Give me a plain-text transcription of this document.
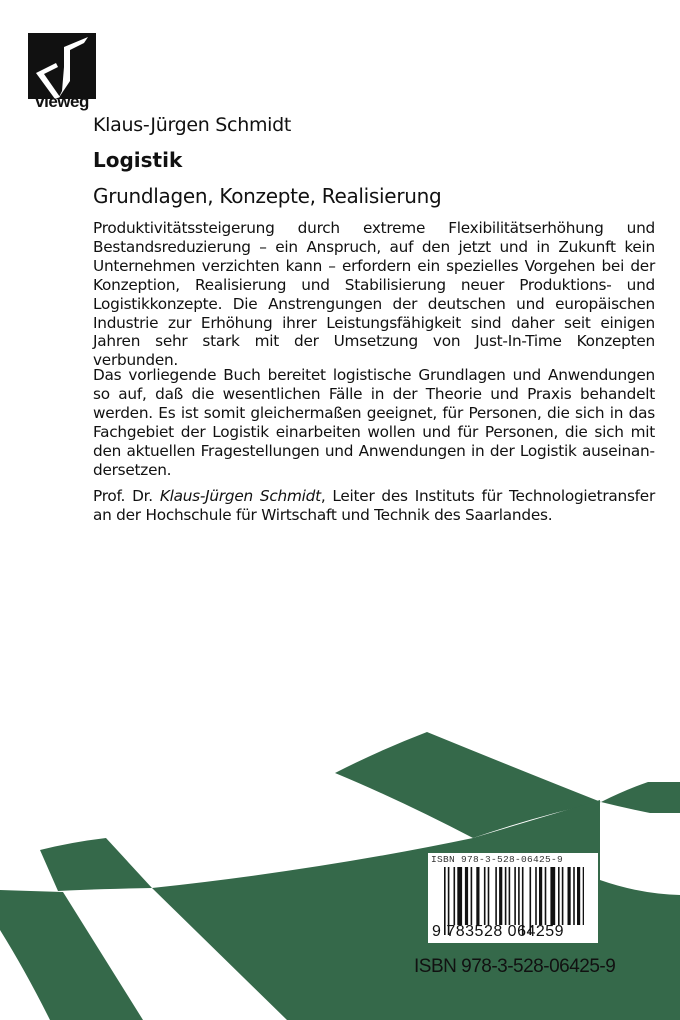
vieweg
Klaus-Jürgen Schmidt
Logistik
Grundlagen, Konzepte, Realisierung
Produktivitätssteigerung durch extreme Flexibilitätserhöhung und Bestandsreduzierung – ein Anspruch, auf den jetzt und in Zukunft kein Unternehmen verzichten kann – erfordern ein spezielles Vorgehen bei der Konzeption, Realisierung und Stabilisierung neuer Produktions- und Logistikkonzepte. Die Anstrengungen der deutschen und europäischen Industrie zur Erhöhung ihrer Leistungsfähigkeit sind daher seit einigen Jahren sehr stark mit der Umsetzung von Just-In-Time Konzepten verbunden.
Das vorliegende Buch bereitet logistische Grundlagen und Anwendungen so auf, daß die wesentlichen Fälle in der Theorie und Praxis behandelt werden. Es ist somit gleichermaßen geeignet, für Personen, die sich in das Fachgebiet der Logistik einarbeiten wollen und für Personen, die sich mit den aktuellen Fragestellungen und Anwendungen in der Logistik auseinandersetzen.
Prof. Dr. Klaus-Jürgen Schmidt, Leiter des Instituts für Technologietransfer an der Hochschule für Wirtschaft und Technik des Saarlandes.
ISBN 978-3-528-06425-9
9 783528 064259
ISBN 978-3-528-06425-9
